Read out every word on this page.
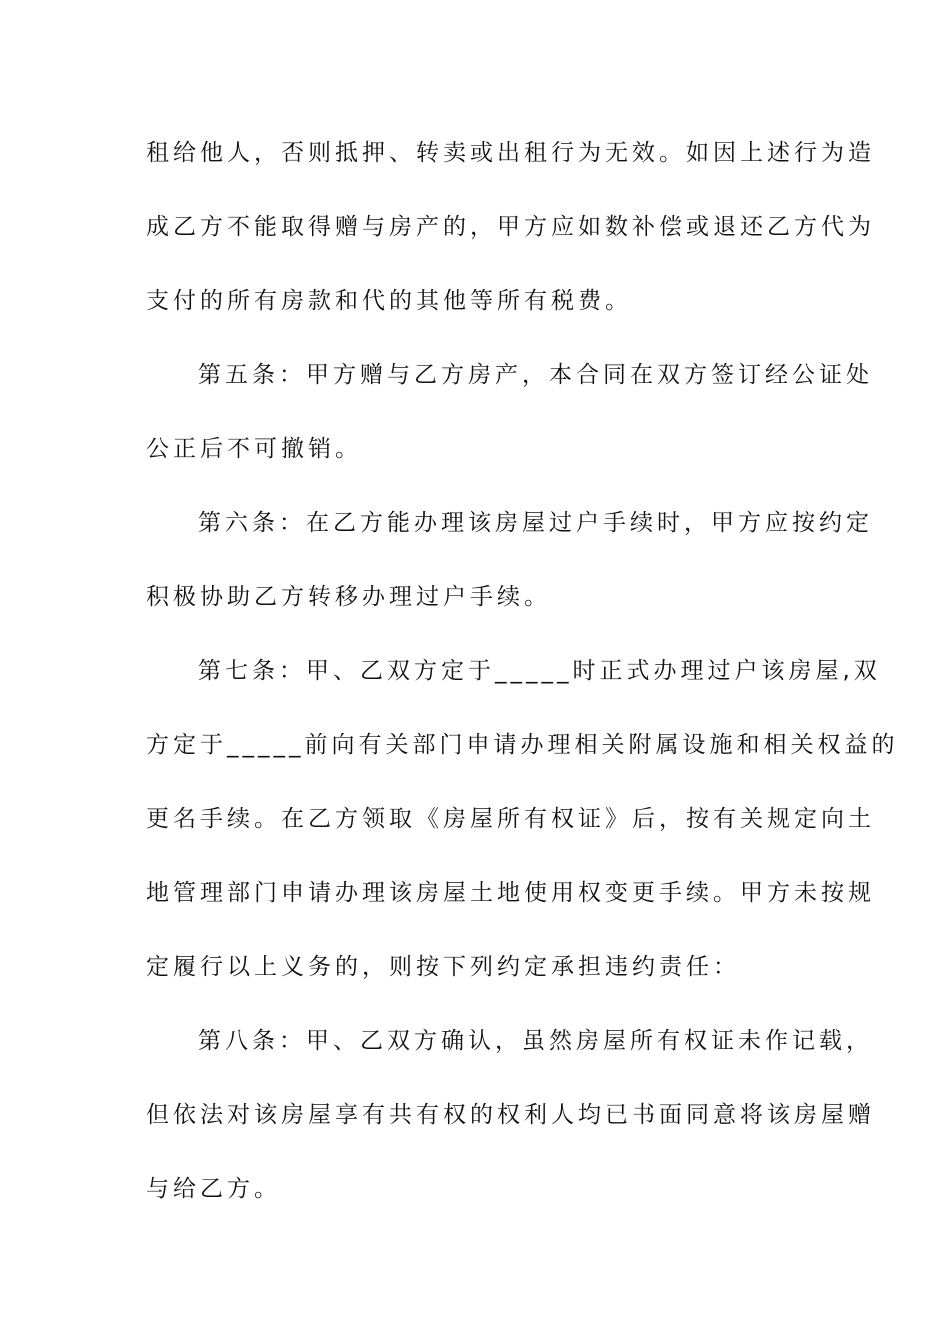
租给他人，否则抵押、转卖或出租行为无效。如因上述行为造
成乙方不能取得赠与房产的，甲方应如数补偿或退还乙方代为
支付的所有房款和代的其他等所有税费。
第五条：甲方赠与乙方房产，本合同在双方签订经公证处
公正后不可撤销。
第六条：在乙方能办理该房屋过户手续时，甲方应按约定
积极协助乙方转移办理过户手续。
第七条：甲、乙双方定于_____时正式办理过户该房屋,双
方定于_____前向有关部门申请办理相关附属设施和相关权益的
更名手续。在乙方领取《房屋所有权证》后，按有关规定向土
地管理部门申请办理该房屋土地使用权变更手续。甲方未按规
定履行以上义务的，则按下列约定承担违约责任：
第八条：甲、乙双方确认，虽然房屋所有权证未作记载，
但依法对该房屋享有共有权的权利人均已书面同意将该房屋赠
与给乙方。
